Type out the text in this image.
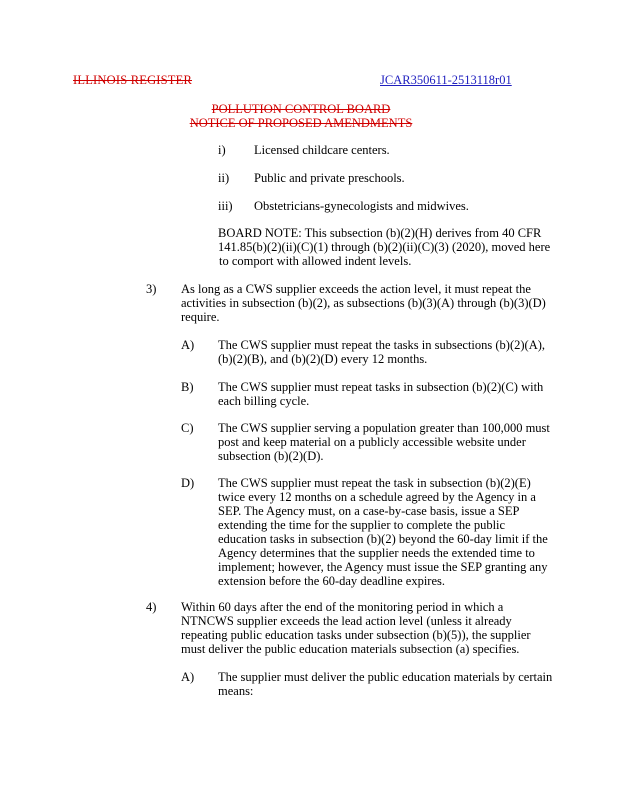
ILLINOIS REGISTER	JCAR350611-2513118r01
POLLUTION CONTROL BOARD
NOTICE OF PROPOSED AMENDMENTS
i) Licensed childcare centers.
ii) Public and private preschools.
iii) Obstetricians-gynecologists and midwives.
BOARD NOTE: This subsection (b)(2)(H) derives from 40 CFR
141.85(b)(2)(ii)(C)(1) through (b)(2)(ii)(C)(3) (2020), moved here
to comport with allowed indent levels.
3) As long as a CWS supplier exceeds the action level, it must repeat the
activities in subsection (b)(2), as subsections (b)(3)(A) through (b)(3)(D)
require.
A) The CWS supplier must repeat the tasks in subsections (b)(2)(A),
(b)(2)(B), and (b)(2)(D) every 12 months.
B) The CWS supplier must repeat tasks in subsection (b)(2)(C) with
each billing cycle.
C) The CWS supplier serving a population greater than 100,000 must
post and keep material on a publicly accessible website under
subsection (b)(2)(D).
D) The CWS supplier must repeat the task in subsection (b)(2)(E)
twice every 12 months on a schedule agreed by the Agency in a
SEP. The Agency must, on a case-by-case basis, issue a SEP
extending the time for the supplier to complete the public
education tasks in subsection (b)(2) beyond the 60-day limit if the
Agency determines that the supplier needs the extended time to
implement; however, the Agency must issue the SEP granting any
extension before the 60-day deadline expires.
4) Within 60 days after the end of the monitoring period in which a
NTNCWS supplier exceeds the lead action level (unless it already
repeating public education tasks under subsection (b)(5)), the supplier
must deliver the public education materials subsection (a) specifies.
A) The supplier must deliver the public education materials by certain
means:
